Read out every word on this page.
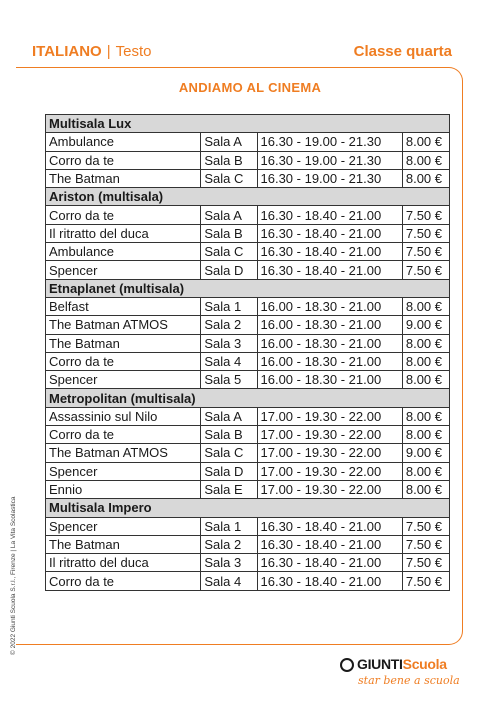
ITALIANO | Testo	Classe quarta
ANDIAMO AL CINEMA
Multisala Lux			
Ambulance	Sala A	16.30 - 19.00 - 21.30	8.00 €
Corro da te	Sala B	16.30 - 19.00 - 21.30	8.00 €
The Batman	Sala C	16.30 - 19.00 - 21.30	8.00 €
Ariston (multisala)			
Corro da te	Sala A	16.30 - 18.40 - 21.00	7.50 €
Il ritratto del duca	Sala B	16.30 - 18.40 - 21.00	7.50 €
Ambulance	Sala C	16.30 - 18.40 - 21.00	7.50 €
Spencer	Sala D	16.30 - 18.40 - 21.00	7.50 €
Etnaplanet (multisala)			
Belfast	Sala 1	16.00 - 18.30 - 21.00	8.00 €
The Batman ATMOS	Sala 2	16.00 - 18.30 - 21.00	9.00 €
The Batman	Sala 3	16.00 - 18.30 - 21.00	8.00 €
Corro da te	Sala 4	16.00 - 18.30 - 21.00	8.00 €
Spencer	Sala 5	16.00 - 18.30 - 21.00	8.00 €
Metropolitan (multisala)			
Assassinio sul Nilo	Sala A	17.00 - 19.30 - 22.00	8.00 €
Corro da te	Sala B	17.00 - 19.30 - 22.00	8.00 €
The Batman ATMOS	Sala C	17.00 - 19.30 - 22.00	9.00 €
Spencer	Sala D	17.00 - 19.30 - 22.00	8.00 €
Ennio	Sala E	17.00 - 19.30 - 22.00	8.00 €
Multisala Impero			
Spencer	Sala 1	16.30 - 18.40 - 21.00	7.50 €
The Batman	Sala 2	16.30 - 18.40 - 21.00	7.50 €
Il ritratto del duca	Sala 3	16.30 - 18.40 - 21.00	7.50 €
Corro da te	Sala 4	16.30 - 18.40 - 21.00	7.50 €
© 2022 Giunti Scuola S.r.l., Firenze | La Vita Scolastica
GIUNTIScuola
star bene a scuola
